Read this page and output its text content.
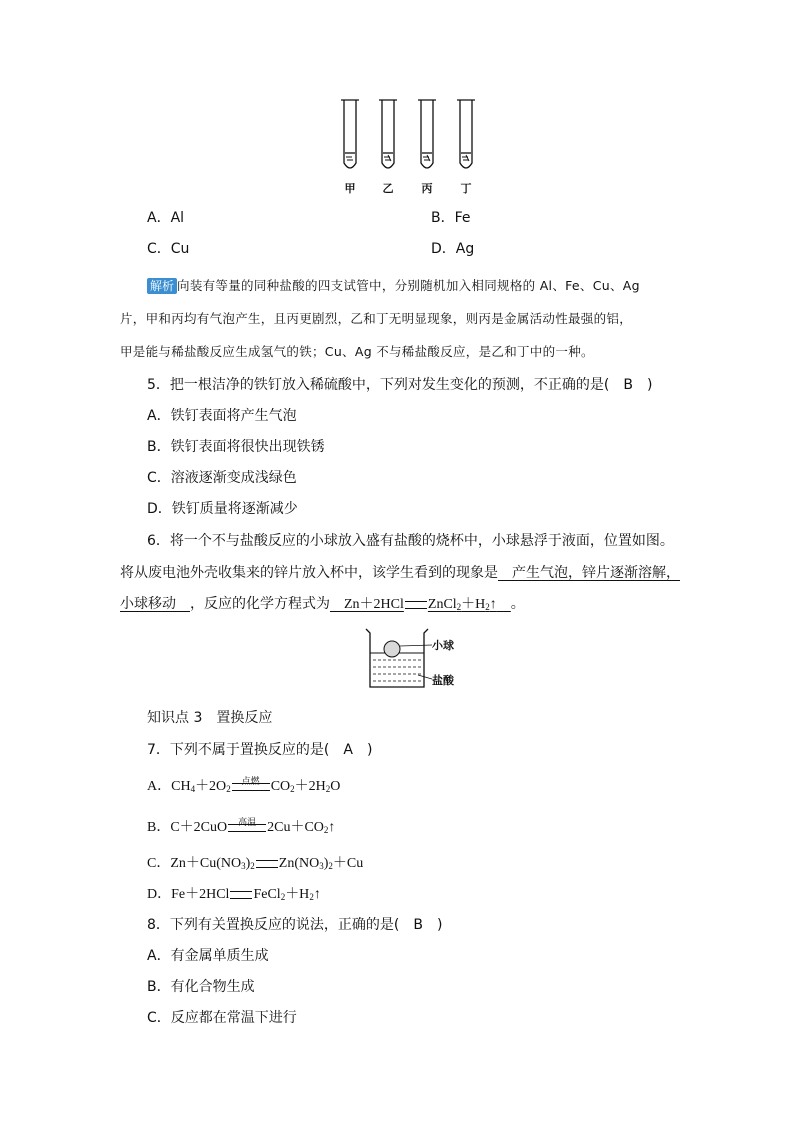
甲	乙	丙	丁
A．Al	B．Fe
C．Cu	D．Ag
解析 向装有等量的同种盐酸的四支试管中，分别随机加入相同规格的 Al、Fe、Cu、Ag
片，甲和丙均有气泡产生，且丙更剧烈，乙和丁无明显现象，则丙是金属活动性最强的铝，
甲是能与稀盐酸反应生成氢气的铁；Cu、Ag 不与稀盐酸反应，是乙和丁中的一种。
5．把一根洁净的铁钉放入稀硫酸中，下列对发生变化的预测，不正确的是(　B　)
A．铁钉表面将产生气泡
B．铁钉表面将很快出现铁锈
C．溶液逐渐变成浅绿色
D．铁钉质量将逐渐减少
6．将一个不与盐酸反应的小球放入盛有盐酸的烧杯中，小球悬浮于液面，位置如图。
将从废电池外壳收集来的锌片放入杯中，该学生看到的现象是　产生气泡，锌片逐渐溶解，
小球移动　，反应的化学方程式为　 Zn＋2HCl $ZnCl_2+H_2↑$　 。
小球
盐酸
知识点 3　置换反应
7．下列不属于置换反应的是(　A　)
A．$CH_4+2O_2$
点燃 $CO_2+2H_2O$
B．C＋2CuO 高温 $2Cu+CO_2↑$
C．$Zn+Cu(NO_3)_2$ $Zn(NO_3)_2+Cu$
D．Fe＋2HCl $FeCl_2+H_2↑$
8．下列有关置换反应的说法，正确的是(　B　)
A．有金属单质生成
B．有化合物生成
C．反应都在常温下进行
